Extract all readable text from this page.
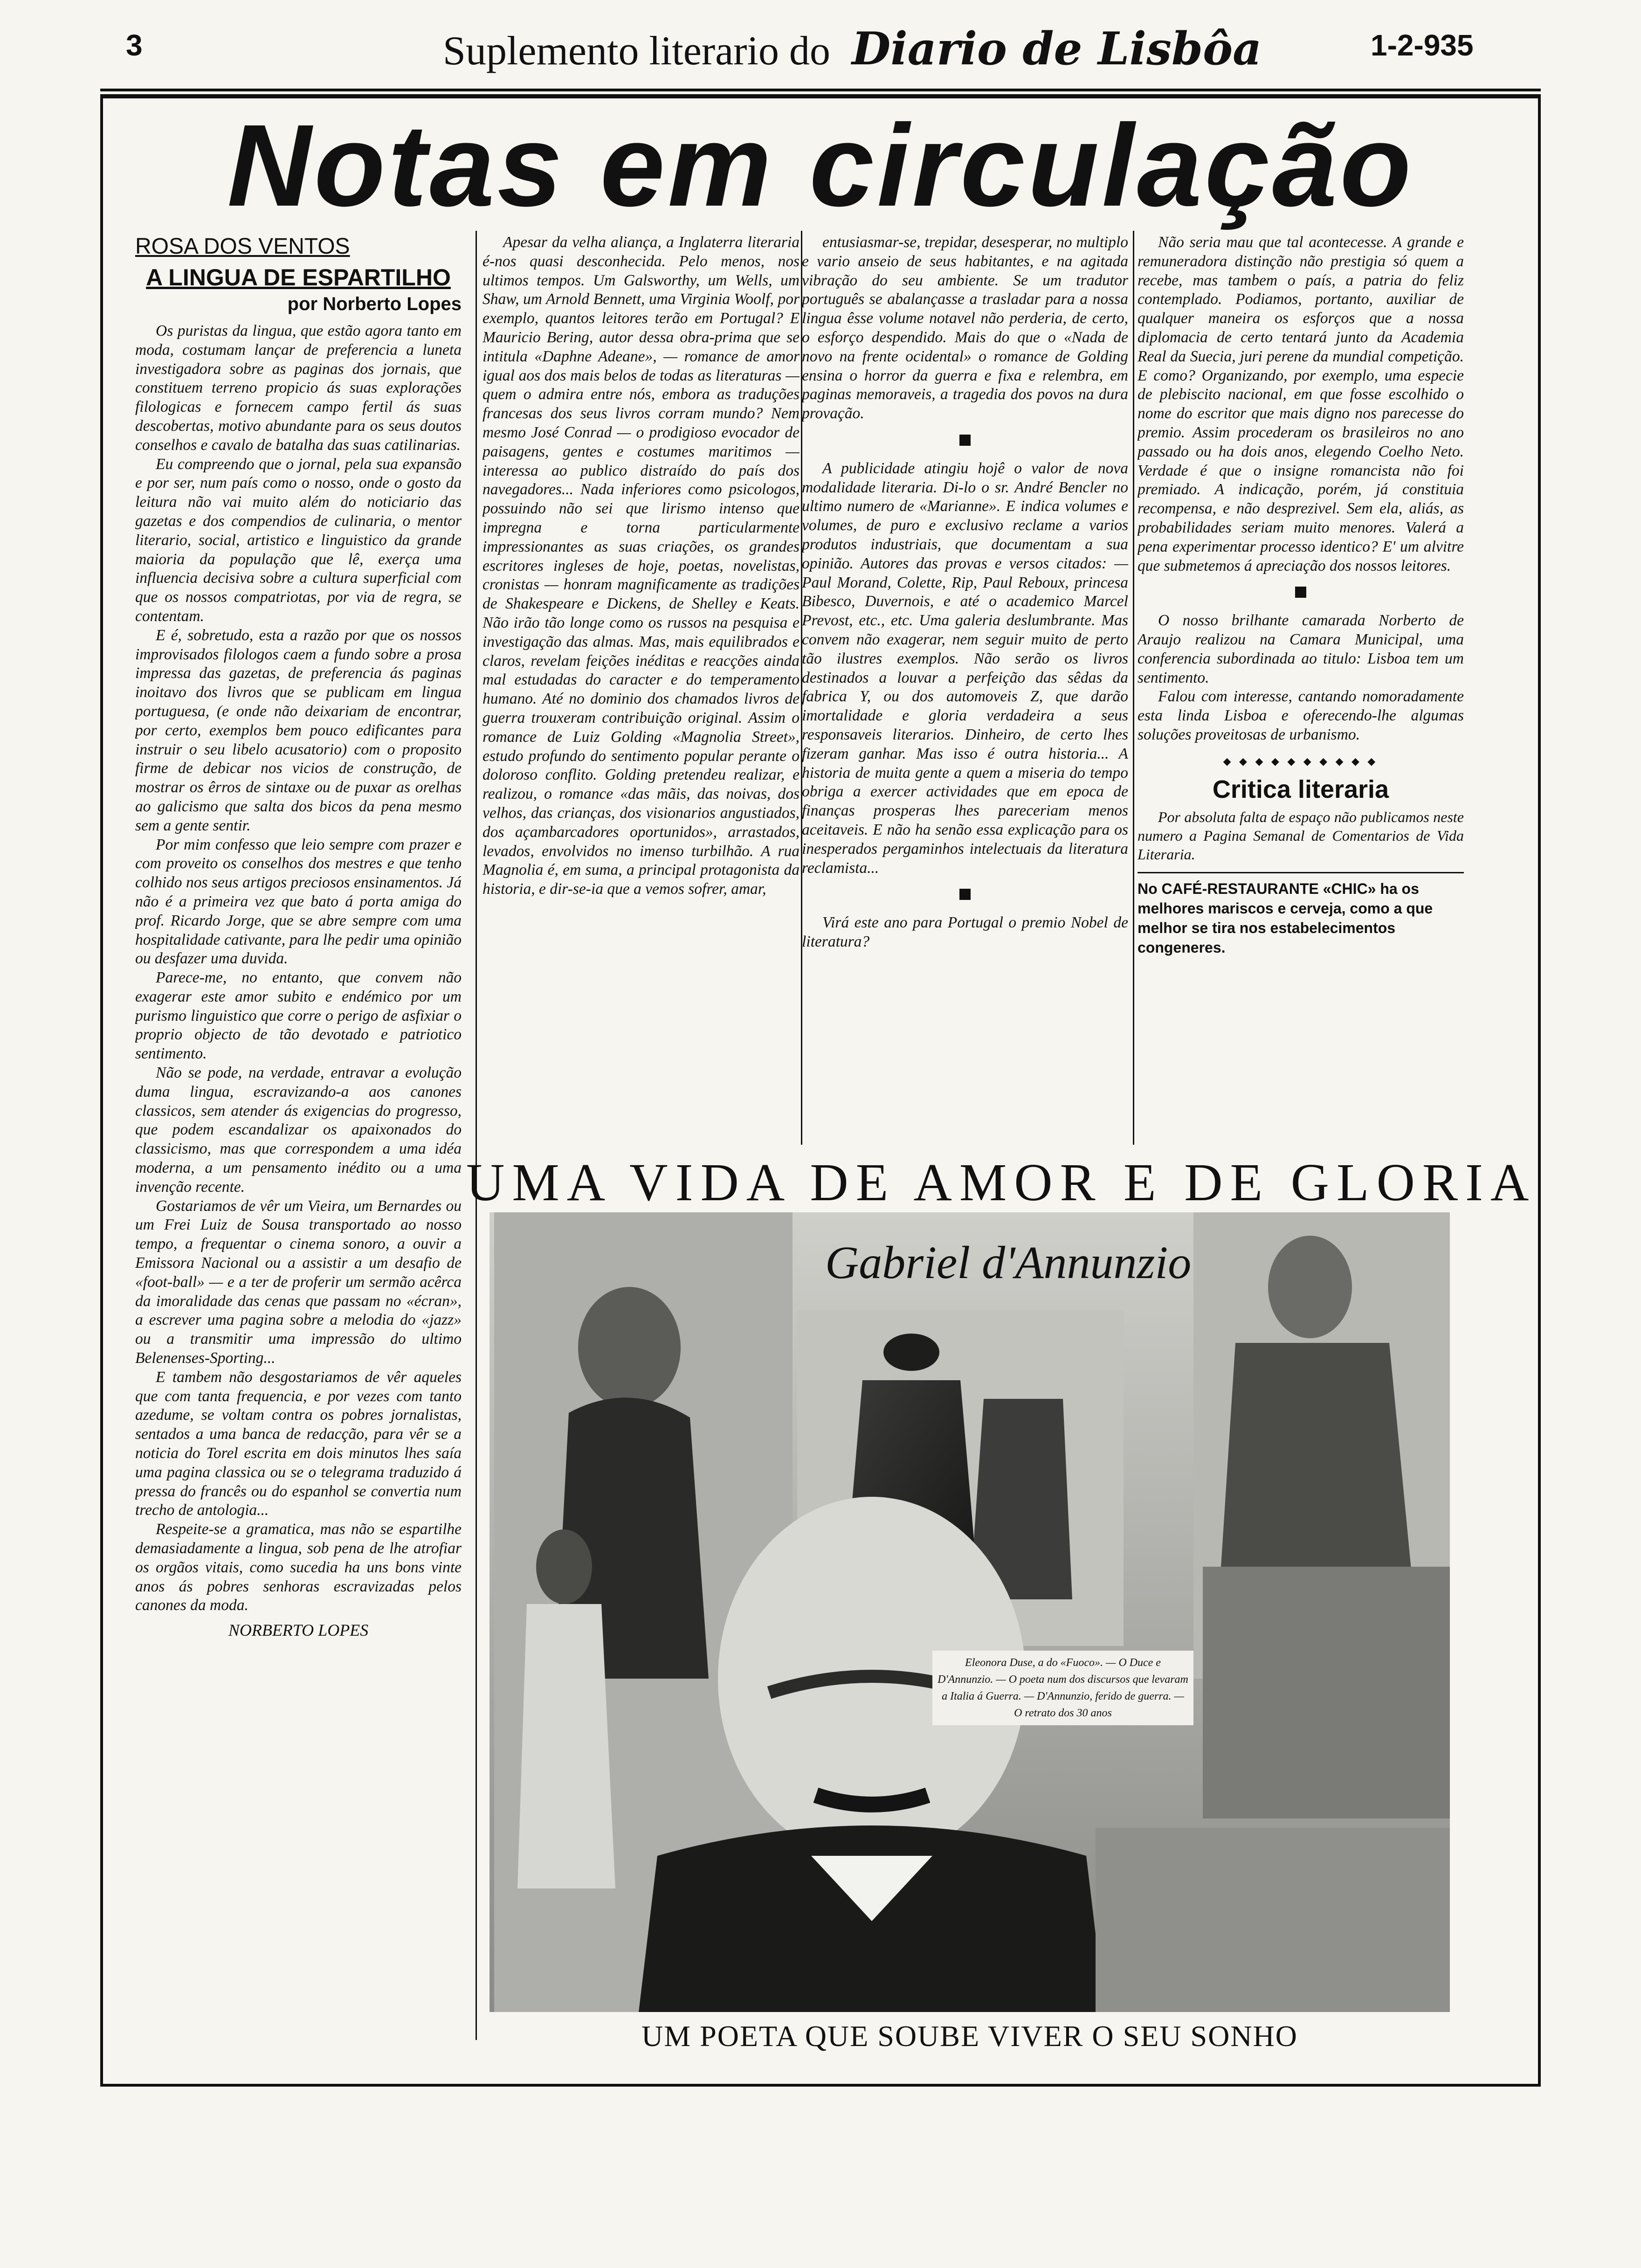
3	Suplemento literario do Diario de Lisbôa	1-2-935
Notas em circulação
ROSA DOS VENTOS
A LINGUA DE ESPARTILHO
por Norberto Lopes

Os puristas da lingua, que estão agora tanto em moda, costumam lançar de preferencia a luneta investigadora sobre as paginas dos jornais, que constituem terreno propicio ás suas explorações filologicas e fornecem campo fertil ás suas descobertas, motivo abundante para os seus doutos conselhos e cavalo de batalha das suas catilinarias.

Eu compreendo que o jornal, pela sua expansão e por ser, num país como o nosso, onde o gosto da leitura não vai muito além do noticiario das gazetas e dos compendios de culinaria, o mentor literario, social, artistico e linguistico da grande maioria da população que lê, exerça uma influencia decisiva sobre a cultura superficial com que os nossos compatriotas, por via de regra, se contentam.

E é, sobretudo, esta a razão por que os nossos improvisados filologos caem a fundo sobre a prosa impressa das gazetas, de preferencia ás paginas inoitavo dos livros que se publicam em lingua portuguesa, (e onde não deixariam de encontrar, por certo, exemplos bem pouco edificantes para instruir o seu libelo acusatorio) com o proposito firme de debicar nos vicios de construção, de mostrar os êrros de sintaxe ou de puxar as orelhas ao galicismo que salta dos bicos da pena mesmo sem a gente sentir.

Por mim confesso que leio sempre com prazer e com proveito os conselhos dos mestres e que tenho colhido nos seus artigos preciosos ensinamentos. Já não é a primeira vez que bato á porta amiga do prof. Ricardo Jorge, que se abre sempre com uma hospitalidade cativante, para lhe pedir uma opinião ou desfazer uma duvida.

Parece-me, no entanto, que convem não exagerar este amor subito e endémico por um purismo linguistico que corre o perigo de asfixiar o proprio objecto de tão devotado e patriotico sentimento.

Não se pode, na verdade, entravar a evolução duma lingua, escravizando-a aos canones classicos, sem atender ás exigencias do progresso, que podem escandalizar os apaixonados do classicismo, mas que correspondem a uma idéa moderna, a um pensamento inédito ou a uma invenção recente.

Gostariamos de vêr um Vieira, um Bernardes ou um Frei Luiz de Sousa transportado ao nosso tempo, a frequentar o cinema sonoro, a ouvir a Emissora Nacional ou a assistir a um desafio de «foot-ball» — e a ter de proferir um sermão acêrca da imoralidade das cenas que passam no «écran», a escrever uma pagina sobre a melodia do «jazz» ou a transmitir uma impressão do ultimo Belenenses-Sporting...

E tambem não desgostariamos de vêr aqueles que com tanta frequencia, e por vezes com tanto azedume, se voltam contra os pobres jornalistas, sentados a uma banca de redacção, para vêr se a noticia do Torel escrita em dois minutos lhes saía uma pagina classica ou se o telegrama traduzido á pressa do francês ou do espanhol se convertia num trecho de antologia...

Respeite-se a gramatica, mas não se espartilhe demasiadamente a lingua, sob pena de lhe atrofiar os orgãos vitais, como sucedia ha uns bons vinte anos ás pobres senhoras escravizadas pelos canones da moda.

NORBERTO LOPES

Apesar da velha aliança, a Inglaterra literaria é-nos quasi desconhecida. Pelo menos, nos ultimos tempos. Um Galsworthy, um Wells, um Shaw, um Arnold Bennett, uma Virginia Woolf, por exemplo, quantos leitores terão em Portugal? E Mauricio Bering, autor dessa obra-prima que se intitula «Daphne Adeane», — romance de amor igual aos dos mais belos de todas as literaturas — quem o admira entre nós, embora as traduções francesas dos seus livros corram mundo? Nem mesmo José Conrad — o prodigioso evocador de paisagens, gentes e costumes maritimos — interessa ao publico distraído do país dos navegadores... Nada inferiores como psicologos, possuindo não sei que lirismo intenso que impregna e torna particularmente impressionantes as suas criações, os grandes escritores ingleses de hoje, poetas, novelistas, cronistas — honram magnificamente as tradições de Shakespeare e Dickens, de Shelley e Keats. Não irão tão longe como os russos na pesquisa e investigação das almas. Mas, mais equilibrados e claros, revelam feições inéditas e reacções ainda mal estudadas do caracter e do temperamento humano. Até no dominio dos chamados livros de guerra trouxeram contribuição original. Assim o romance de Luiz Golding «Magnolia Street», estudo profundo do sentimento popular perante o doloroso conflito. Golding pretendeu realizar, e realizou, o romance «das mãis, das noivas, dos velhos, das crianças, dos visionarios angustiados, dos açambarcadores oportunidos», arrastados, levados, envolvidos no imenso turbilhão. A rua Magnolia é, em suma, a principal protagonista da historia, e dir-se-ia que a vemos sofrer, amar,

entusiasmar-se, trepidar, desesperar, no multiplo e vario anseio de seus habitantes, e na agitada vibração do seu ambiente. Se um tradutor português se abalançasse a trasladar para a nossa lingua êsse volume notavel não perderia, de certo, o esforço despendido. Mais do que o «Nada de novo na frente ocidental» o romance de Golding ensina o horror da guerra e fixa e relembra, em paginas memoraveis, a tragedia dos povos na dura provação.

A publicidade atingiu hojê o valor de nova modalidade literaria. Di-lo o sr. André Bencler no ultimo numero de «Marianne». E indica volumes e volumes, de puro e exclusivo reclame a varios produtos industriais, que documentam a sua opinião. Autores das provas e versos citados: — Paul Morand, Colette, Rip, Paul Reboux, princesa Bibesco, Duvernois, e até o academico Marcel Prevost, etc., etc. Uma galeria deslumbrante. Mas convem não exagerar, nem seguir muito de perto tão ilustres exemplos. Não serão os livros destinados a louvar a perfeição das sêdas da fabrica Y, ou dos automoveis Z, que darão imortalidade e gloria verdadeira a seus responsaveis literarios. Dinheiro, de certo lhes fizeram ganhar. Mas isso é outra historia... A historia de muita gente a quem a miseria do tempo obriga a exercer actividades que em epoca de finanças prosperas lhes pareceriam menos aceitaveis. E não ha senão essa explicação para os inesperados pergaminhos intelectuais da literatura reclamista...

Virá este ano para Portugal o premio Nobel de literatura?

Não seria mau que tal acontecesse. A grande e remuneradora distinção não prestigia só quem a recebe, mas tambem o país, a patria do feliz contemplado. Podiamos, portanto, auxiliar de qualquer maneira os esforços que a nossa diplomacia de certo tentará junto da Academia Real da Suecia, juri perene da mundial competição. E como? Organizando, por exemplo, uma especie de plebiscito nacional, em que fosse escolhido o nome do escritor que mais digno nos parecesse do premio. Assim procederam os brasileiros no ano passado ou ha dois anos, elegendo Coelho Neto. Verdade é que o insigne romancista não foi premiado. A indicação, porém, já constituia recompensa, e não desprezivel. Sem ela, aliás, as probabilidades seriam muito menores. Valerá a pena experimentar processo identico? E' um alvitre que submetemos á apreciação dos nossos leitores.

O nosso brilhante camarada Norberto de Araujo realizou na Camara Municipal, uma conferencia subordinada ao titulo: Lisboa tem um sentimento.

Falou com interesse, cantando nomoradamente esta linda Lisboa e oferecendo-lhe algumas soluções proveitosas de urbanismo.

◆ ◆ ◆ ◆ ◆ ◆ ◆ ◆ ◆ ◆
Critica literaria

Por absoluta falta de espaço não publicamos neste numero a Pagina Semanal de Comentarios de Vida Literaria.

No CAFÉ-RESTAURANTE «CHIC» ha os melhores mariscos e cerveja, como a que melhor se tira nos estabelecimentos congeneres.
UMA VIDA DE AMOR E DE GLORIA
Gabriel d'Annunzio
Eleonora Duse, a do «Fuoco». — O Duce e D'Annunzio. — O poeta num dos discursos que levaram a Italia á Guerra. — D'Annunzio, ferido de guerra. — O retrato dos 30 anos
UM POETA QUE SOUBE VIVER O SEU SONHO
